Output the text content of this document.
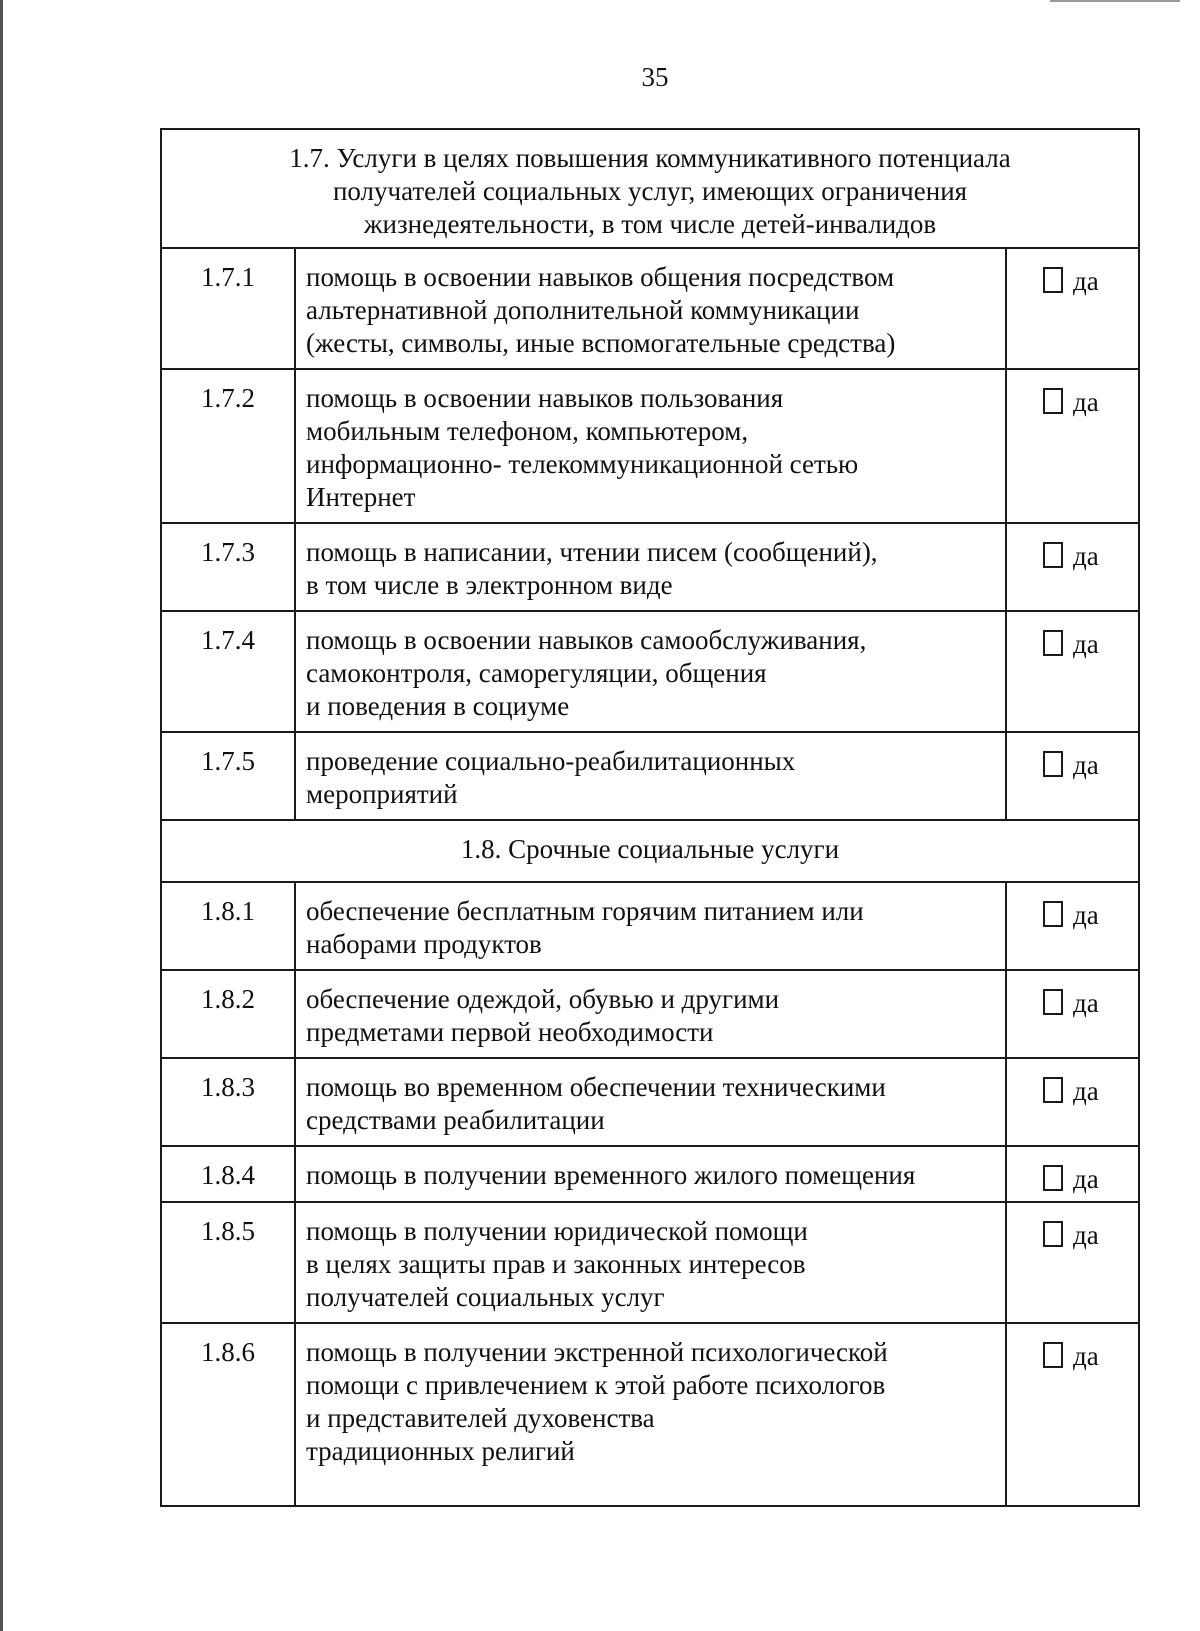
35
1.7. Услуги в целях повышения коммуникативного потенциала
получателей социальных услуг, имеющих ограничения
жизнедеятельности, в том числе детей-инвалидов		

1.7.1	помощь в освоении навыков общения посредством
альтернативной дополнительной коммуникации
(жесты, символы, иные вспомогательные средства)	да
1.7.2	помощь в освоении навыков пользования
мобильным телефоном, компьютером,
информационно- телекоммуникационной сетью
Интернет	да
1.7.3	помощь в написании, чтении писем (сообщений),
в том числе в электронном виде	да
1.7.4	помощь в освоении навыков самообслуживания,
самоконтроля, саморегуляции, общения
и поведения в социуме	да
1.7.5	проведение социально-реабилитационных
мероприятий	да

1.8. Срочные социальные услуги		

1.8.1	обеспечение бесплатным горячим питанием или
наборами продуктов	да
1.8.2	обеспечение одеждой, обувью и другими
предметами первой необходимости	да
1.8.3	помощь во временном обеспечении техническими
средствами реабилитации	да
1.8.4	помощь в получении временного жилого помещения	да
1.8.5	помощь в получении юридической помощи
в целях защиты прав и законных интересов
получателей социальных услуг	да
1.8.6	помощь в получении экстренной психологической
помощи с привлечением к этой работе психологов
и представителей духовенства
традиционных религий	да
